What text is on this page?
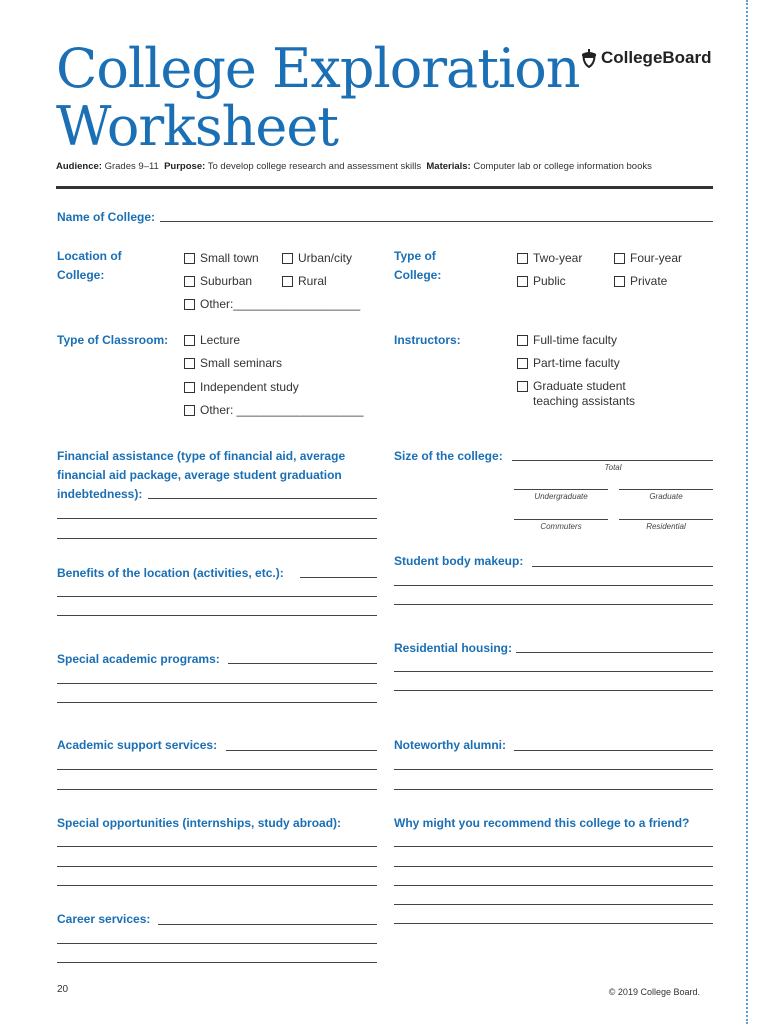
College Exploration
Worksheet
CollegeBoard
Audience: Grades 9–11 Purpose: To develop college research and assessment skills Materials: Computer lab or college information books

Name of College:

Location of College:

Small town	Urban/city
Suburban	Rural
Other:___________________

Type of College:

Two-year	Four-year
Public	Private

Type of Classroom:	Lecture
Small seminars
Independent study
Other: ___________________

Instructors:	Full-time faculty
Part-time faculty
Graduate student teaching assistants

Financial assistance (type of financial aid, average financial aid package, average student graduation indebtedness):

Size of the college:

Total
Undergraduate	Graduate
Commuters	Residential

Student body makeup:

Benefits of the location (activities, etc.):

Residential housing:

Special academic programs:

Academic support services:	Noteworthy alumni:

Special opportunities (internships, study abroad):	Why might you recommend this college to a friend?

Career services:

20	© 2019 College Board.
